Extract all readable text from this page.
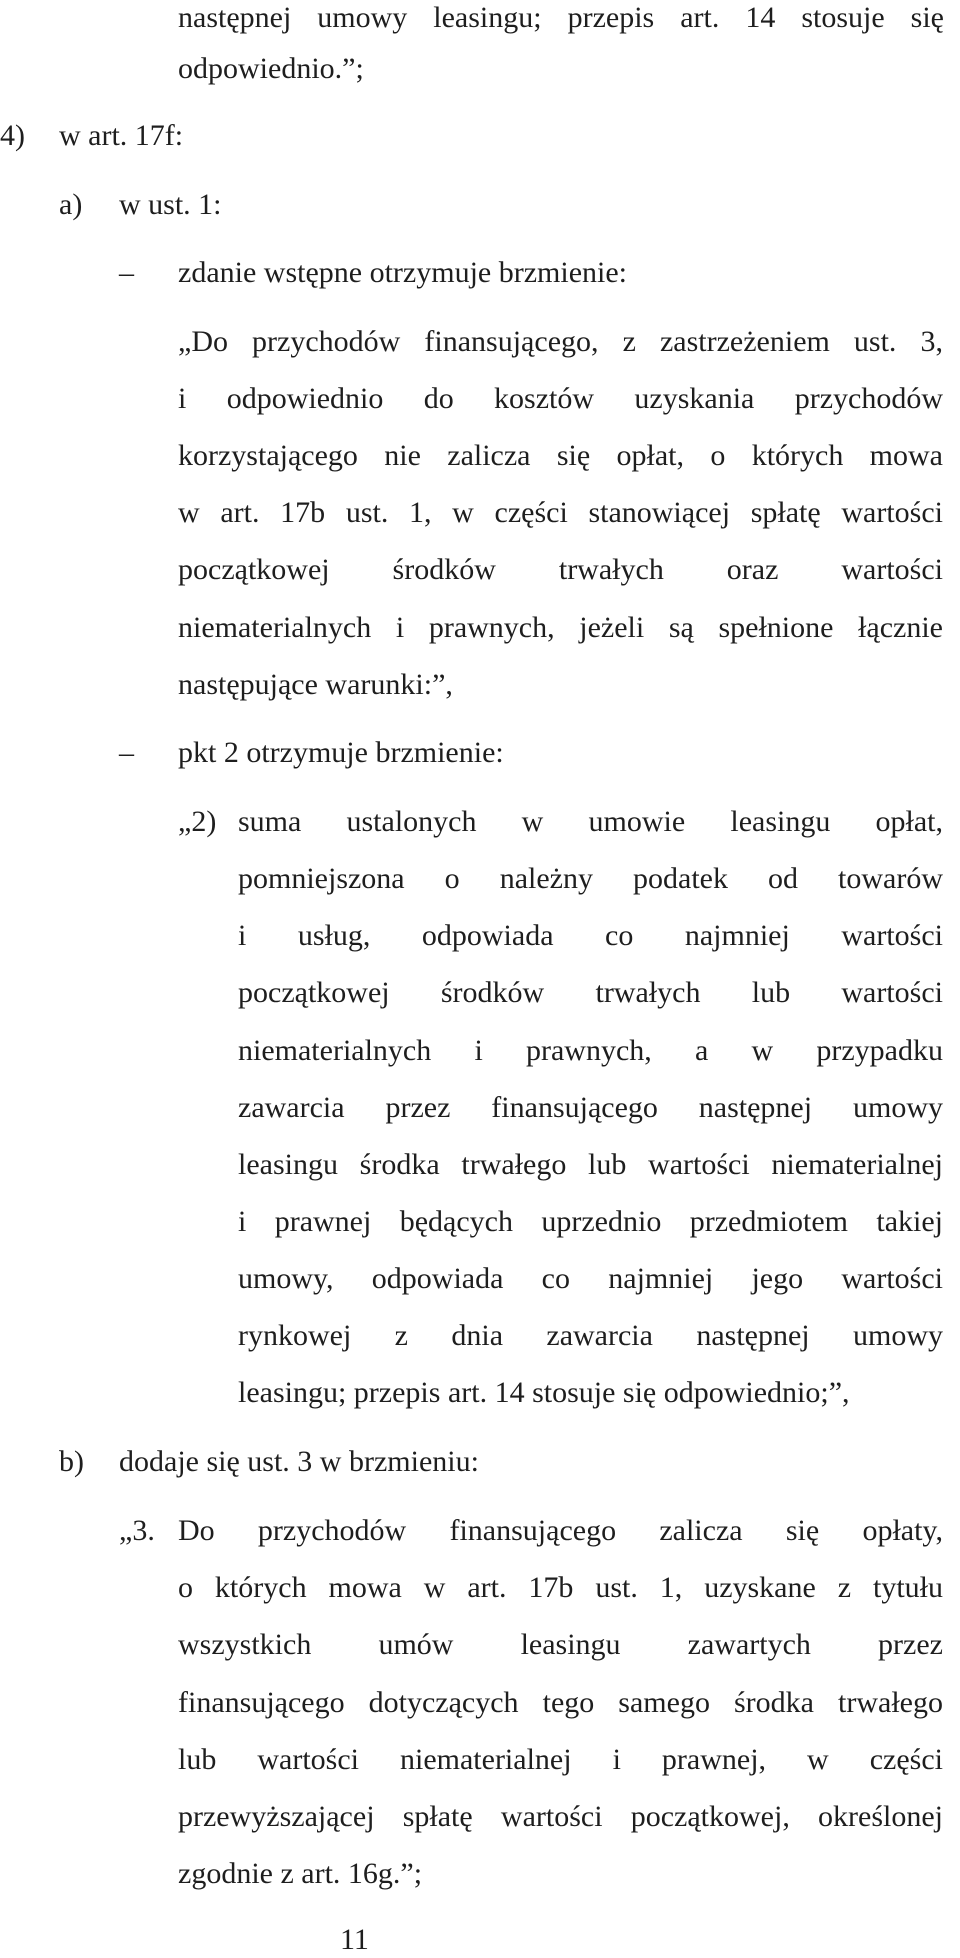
następnej umowy leasingu; przepis art. 14 stosuje się
odpowiednio.”;
4) w art. 17f:
a) w ust. 1:
– zdanie wstępne otrzymuje brzmienie:
„Do przychodów finansującego, z zastrzeżeniem ust. 3,
i odpowiednio do kosztów uzyskania przychodów
korzystającego nie zalicza się opłat, o których mowa
w art. 17b ust. 1, w części stanowiącej spłatę wartości
początkowej środków trwałych oraz wartości
niematerialnych i prawnych, jeżeli są spełnione łącznie
następujące warunki:”,
– pkt 2 otrzymuje brzmienie:
„2) suma ustalonych w umowie leasingu opłat,
pomniejszona o należny podatek od towarów
i usług, odpowiada co najmniej wartości
początkowej środków trwałych lub wartości
niematerialnych i prawnych, a w przypadku
zawarcia przez finansującego następnej umowy
leasingu środka trwałego lub wartości niematerialnej
i prawnej będących uprzednio przedmiotem takiej
umowy, odpowiada co najmniej jego wartości
rynkowej z dnia zawarcia następnej umowy
leasingu; przepis art. 14 stosuje się odpowiednio;”,
b) dodaje się ust. 3 w brzmieniu:
„3. Do przychodów finansującego zalicza się opłaty,
o których mowa w art. 17b ust. 1, uzyskane z tytułu
wszystkich umów leasingu zawartych przez
finansującego dotyczących tego samego środka trwałego
lub wartości niematerialnej i prawnej, w części
przewyższającej spłatę wartości początkowej, określonej
zgodnie z art. 16g.”;
11
